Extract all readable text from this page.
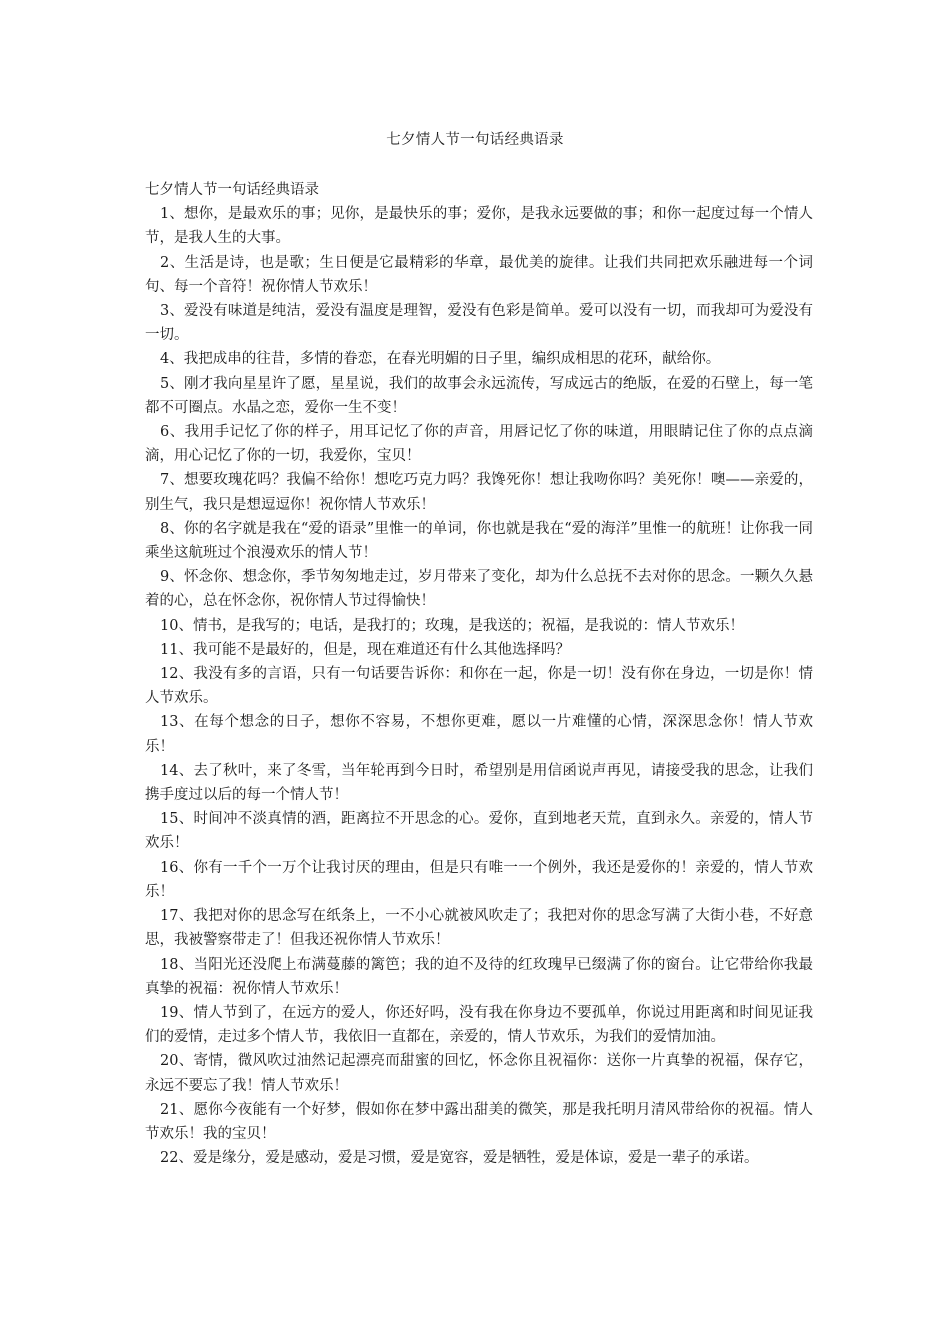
七夕情人节一句话经典语录

七夕情人节一句话经典语录

1、想你，是最欢乐的事；见你，是最快乐的事；爱你，是我永远要做的事；和你一起度过每一个情人节，是我人生的大事。

2、生活是诗，也是歌；生日便是它最精彩的华章，最优美的旋律。让我们共同把欢乐融进每一个词句、每一个音符！祝你情人节欢乐！

3、爱没有味道是纯洁，爱没有温度是理智，爱没有色彩是简单。爱可以没有一切，而我却可为爱没有一切。

4、我把成串的往昔，多情的眷恋，在春光明媚的日子里，编织成相思的花环，献给你。

5、刚才我向星星许了愿，星星说，我们的故事会永远流传，写成远古的绝版，在爱的石壁上，每一笔都不可圈点。水晶之恋，爱你一生不变！

6、我用手记忆了你的样子，用耳记忆了你的声音，用唇记忆了你的味道，用眼睛记住了你的点点滴滴，用心记忆了你的一切，我爱你，宝贝！

7、想要玫瑰花吗？我偏不给你！想吃巧克力吗？我馋死你！想让我吻你吗？美死你！噢——亲爱的，别生气，我只是想逗逗你！祝你情人节欢乐！

8、你的名字就是我在“爱的语录”里惟一的单词，你也就是我在“爱的海洋”里惟一的航班！让你我一同乘坐这航班过个浪漫欢乐的情人节！

9、怀念你、想念你，季节匆匆地走过，岁月带来了变化，却为什么总抚不去对你的思念。一颗久久悬着的心，总在怀念你，祝你情人节过得愉快！

10、情书，是我写的；电话，是我打的；玫瑰，是我送的；祝福，是我说的：情人节欢乐！

11、我可能不是最好的，但是，现在难道还有什么其他选择吗？

12、我没有多的言语，只有一句话要告诉你：和你在一起，你是一切！没有你在身边，一切是你！情人节欢乐。

13、在每个想念的日子，想你不容易，不想你更难，愿以一片难懂的心情，深深思念你！情人节欢乐！

14、去了秋叶，来了冬雪，当年轮再到今日时，希望别是用信函说声再见，请接受我的思念，让我们携手度过以后的每一个情人节！

15、时间冲不淡真情的酒，距离拉不开思念的心。爱你，直到地老天荒，直到永久。亲爱的，情人节欢乐！

16、你有一千个一万个让我讨厌的理由，但是只有唯一一个例外，我还是爱你的！亲爱的，情人节欢乐！

17、我把对你的思念写在纸条上，一不小心就被风吹走了；我把对你的思念写满了大街小巷，不好意思，我被警察带走了！但我还祝你情人节欢乐！

18、当阳光还没爬上布满蔓藤的篱笆；我的迫不及待的红玫瑰早已缀满了你的窗台。让它带给你我最真挚的祝福：祝你情人节欢乐！

19、情人节到了，在远方的爱人，你还好吗，没有我在你身边不要孤单，你说过用距离和时间见证我们的爱情，走过多个情人节，我依旧一直都在，亲爱的，情人节欢乐，为我们的爱情加油。

20、寄情，微风吹过油然记起漂亮而甜蜜的回忆，怀念你且祝福你：送你一片真挚的祝福，保存它，永远不要忘了我！情人节欢乐！

21、愿你今夜能有一个好梦，假如你在梦中露出甜美的微笑，那是我托明月清风带给你的祝福。情人节欢乐！我的宝贝！

22、爱是缘分，爱是感动，爱是习惯，爱是宽容，爱是牺牲，爱是体谅，爱是一辈子的承诺。
